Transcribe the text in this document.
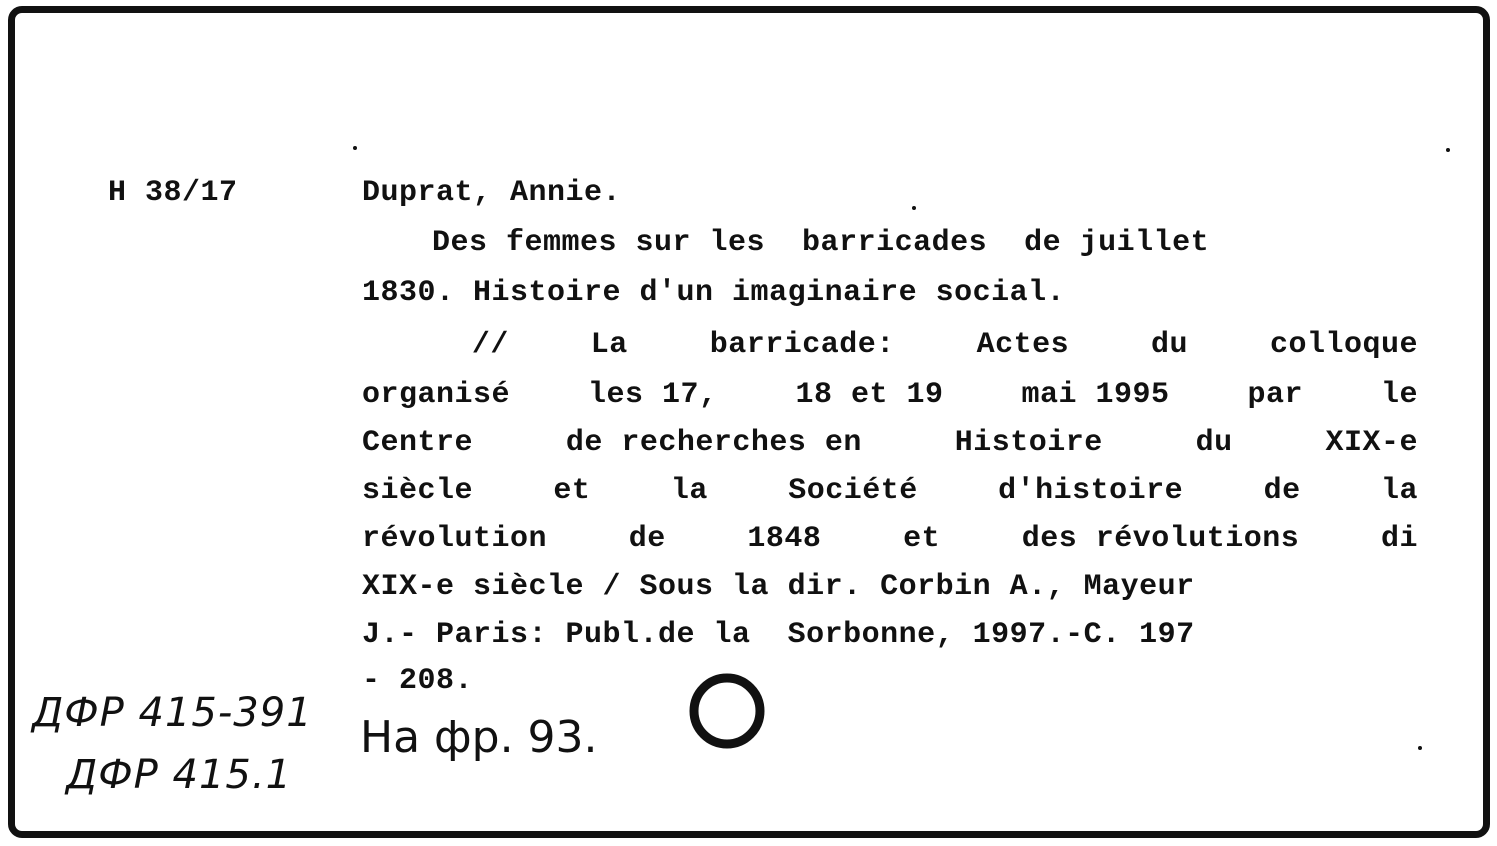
H 38/17	Duprat, Annie.
Des femmes sur les  barricades  de juillet
1830. Histoire d'un imaginaire social.
//	La	barricade:	Actes	du	colloque
organisé	les 17,	18 et 19	mai 1995	par	le
Centre	de recherches en	Histoire	du	XIX-e
siècle	et	la	Société	d'histoire	de	la
révolution	de	1848	et	des révolutions	di
XIX-e siècle / Sous la dir. Corbin A., Mayeur
J.- Paris: Publ.de la  Sorbonne, 1997.-C. 197
- 208.
ДФР 415-391
ДФР 415.1
На фр. 93.
